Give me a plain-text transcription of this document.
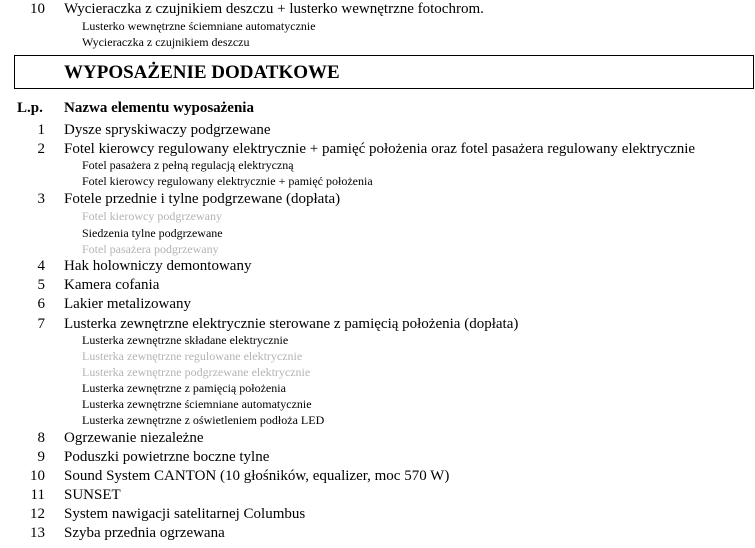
10 Wycieraczka z czujnikiem deszczu + lusterko wewnętrzne fotochrom.
Lusterko wewnętrzne ściemniane automatycznie
Wycieraczka z czujnikiem deszczu
WYPOSAŻENIE DODATKOWE
L.p. Nazwa elementu wyposażenia
1 Dysze spryskiwaczy podgrzewane
2 Fotel kierowcy regulowany elektrycznie + pamięć położenia oraz fotel pasażera regulowany elektrycznie
Fotel pasażera z pełną regulacją elektryczną
Fotel kierowcy regulowany elektrycznie + pamięć położenia
3 Fotele przednie i tylne podgrzewane (dopłata)
Fotel kierowcy podgrzewany
Siedzenia tylne podgrzewane
Fotel pasażera podgrzewany
4 Hak holowniczy demontowany
5 Kamera cofania
6 Lakier metalizowany
7 Lusterka zewnętrzne elektrycznie sterowane z pamięcią położenia (dopłata)
Lusterka zewnętrzne składane elektrycznie
Lusterka zewnętrzne regulowane elektrycznie
Lusterka zewnętrzne podgrzewane elektrycznie
Lusterka zewnętrzne z pamięcią położenia
Lusterka zewnętrzne ściemniane automatycznie
Lusterka zewnętrzne z oświetleniem podłoża LED
8 Ogrzewanie niezależne
9 Poduszki powietrzne boczne tylne
10 Sound System CANTON (10 głośników, equalizer, moc 570 W)
11 SUNSET
12 System nawigacji satelitarnej Columbus
13 Szyba przednia ogrzewana
